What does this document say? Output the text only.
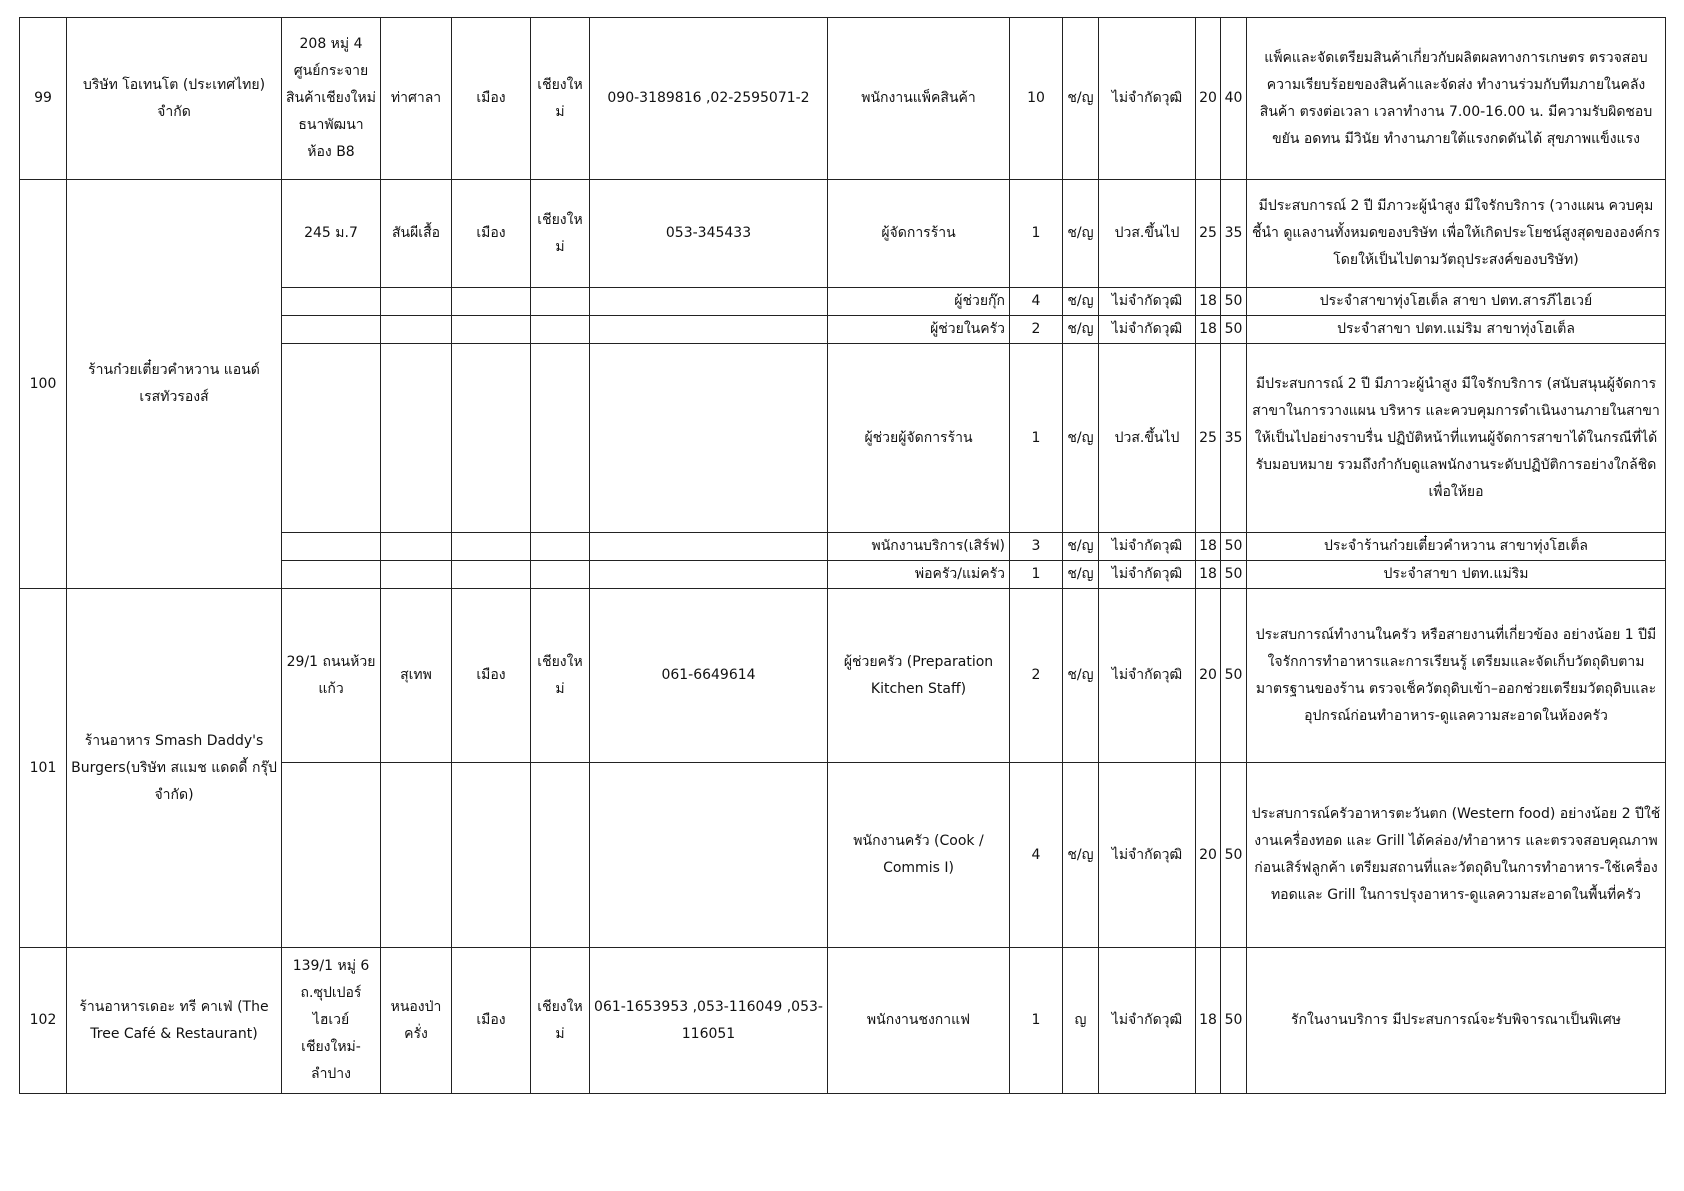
99	บริษัท โอเทนโต (ประเทศไทย) จำกัด	208 หมู่ 4 ศูนย์กระจายสินค้าเชียงใหม่ธนาพัฒนา ห้อง B8	ท่าศาลา	เมือง	เชียงใหม่	090-3189816 ,02-2595071-2	พนักงานแพ็คสินค้า	10	ช/ญ	ไม่จำกัดวุฒิ	20	40	แพ็คและจัดเตรียมสินค้าเกี่ยวกับผลิตผลทางการเกษตร ตรวจสอบความเรียบร้อยของสินค้าและจัดส่ง ทำงานร่วมกับทีมภายในคลังสินค้า ตรงต่อเวลา เวลาทำงาน 7.00-16.00 น. มีความรับผิดชอบ ขยัน อดทน มีวินัย ทำงานภายใต้แรงกดดันได้ สุขภาพแข็งแรง
100	ร้านก๋วยเตี๋ยวคำหวาน แอนด์ เรสทัวรองส์	245 ม.7	สันผีเสื้อ	เมือง	เชียงใหม่	053-345433	ผู้จัดการร้าน	1	ช/ญ	ปวส.ขึ้นไป	25	35	มีประสบการณ์ 2 ปี มีภาวะผู้นำสูง มีใจรักบริการ (วางแผน ควบคุม ชี้นำ ดูแลงานทั้งหมดของบริษัท เพื่อให้เกิดประโยชน์สูงสุดขององค์กรโดยให้เป็นไปตามวัตถุประสงค์ของบริษัท)
							ผู้ช่วยกุ๊ก	4	ช/ญ	ไม่จำกัดวุฒิ	18	50	ประจำสาขาทุ่งโฮเต็ล สาขา ปตท.สารภีไฮเวย์
							ผู้ช่วยในครัว	2	ช/ญ	ไม่จำกัดวุฒิ	18	50	ประจำสาขา ปตท.แม่ริม สาขาทุ่งโฮเต็ล
							ผู้ช่วยผู้จัดการร้าน	1	ช/ญ	ปวส.ขึ้นไป	25	35	มีประสบการณ์ 2 ปี มีภาวะผู้นำสูง มีใจรักบริการ (สนับสนุนผู้จัดการสาขาในการวางแผน บริหาร และควบคุมการดำเนินงานภายในสาขาให้เป็นไปอย่างราบรื่น ปฏิบัติหน้าที่แทนผู้จัดการสาขาได้ในกรณีที่ได้รับมอบหมาย รวมถึงกำกับดูแลพนักงานระดับปฏิบัติการอย่างใกล้ชิด เพื่อให้ยอ
							พนักงานบริการ(เสิร์ฟ)	3	ช/ญ	ไม่จำกัดวุฒิ	18	50	ประจำร้านก๋วยเตี๋ยวคำหวาน สาขาทุ่งโฮเต็ล
							พ่อครัว/แม่ครัว	1	ช/ญ	ไม่จำกัดวุฒิ	18	50	ประจำสาขา ปตท.แม่ริม
101	ร้านอาหาร Smash Daddy's Burgers(บริษัท สแมช แดดดี้ กรุ๊ป จำกัด)	29/1 ถนนห้วยแก้ว	สุเทพ	เมือง	เชียงใหม่	061-6649614	ผู้ช่วยครัว (Preparation Kitchen Staff)	2	ช/ญ	ไม่จำกัดวุฒิ	20	50	ประสบการณ์ทำงานในครัว หรือสายงานที่เกี่ยวข้อง อย่างน้อย 1 ปีมีใจรักการทำอาหารและการเรียนรู้ เตรียมและจัดเก็บวัตถุดิบตามมาตรฐานของร้าน ตรวจเช็ควัตถุดิบเข้า–ออกช่วยเตรียมวัตถุดิบและอุปกรณ์ก่อนทำอาหาร-ดูแลความสะอาดในห้องครัว
							พนักงานครัว (Cook / Commis I)	4	ช/ญ	ไม่จำกัดวุฒิ	20	50	ประสบการณ์ครัวอาหารตะวันตก (Western food) อย่างน้อย 2 ปีใช้งานเครื่องทอด และ Grill ได้คล่อง/ทำอาหาร และตรวจสอบคุณภาพก่อนเสิร์ฟลูกค้า เตรียมสถานที่และวัตถุดิบในการทำอาหาร-ใช้เครื่องทอดและ Grill ในการปรุงอาหาร-ดูแลความสะอาดในพื้นที่ครัว
102	ร้านอาหารเดอะ ทรี คาเฟ่ (The Tree Café & Restaurant)	139/1 หมู่ 6 ถ.ซุปเปอร์ไฮเวย์ เชียงใหม่-ลำปาง	หนองป่าครั่ง	เมือง	เชียงใหม่	061-1653953 ,053-116049 ,053-116051	พนักงานชงกาแฟ	1	ญ	ไม่จำกัดวุฒิ	18	50	รักในงานบริการ มีประสบการณ์จะรับพิจารณาเป็นพิเศษ
